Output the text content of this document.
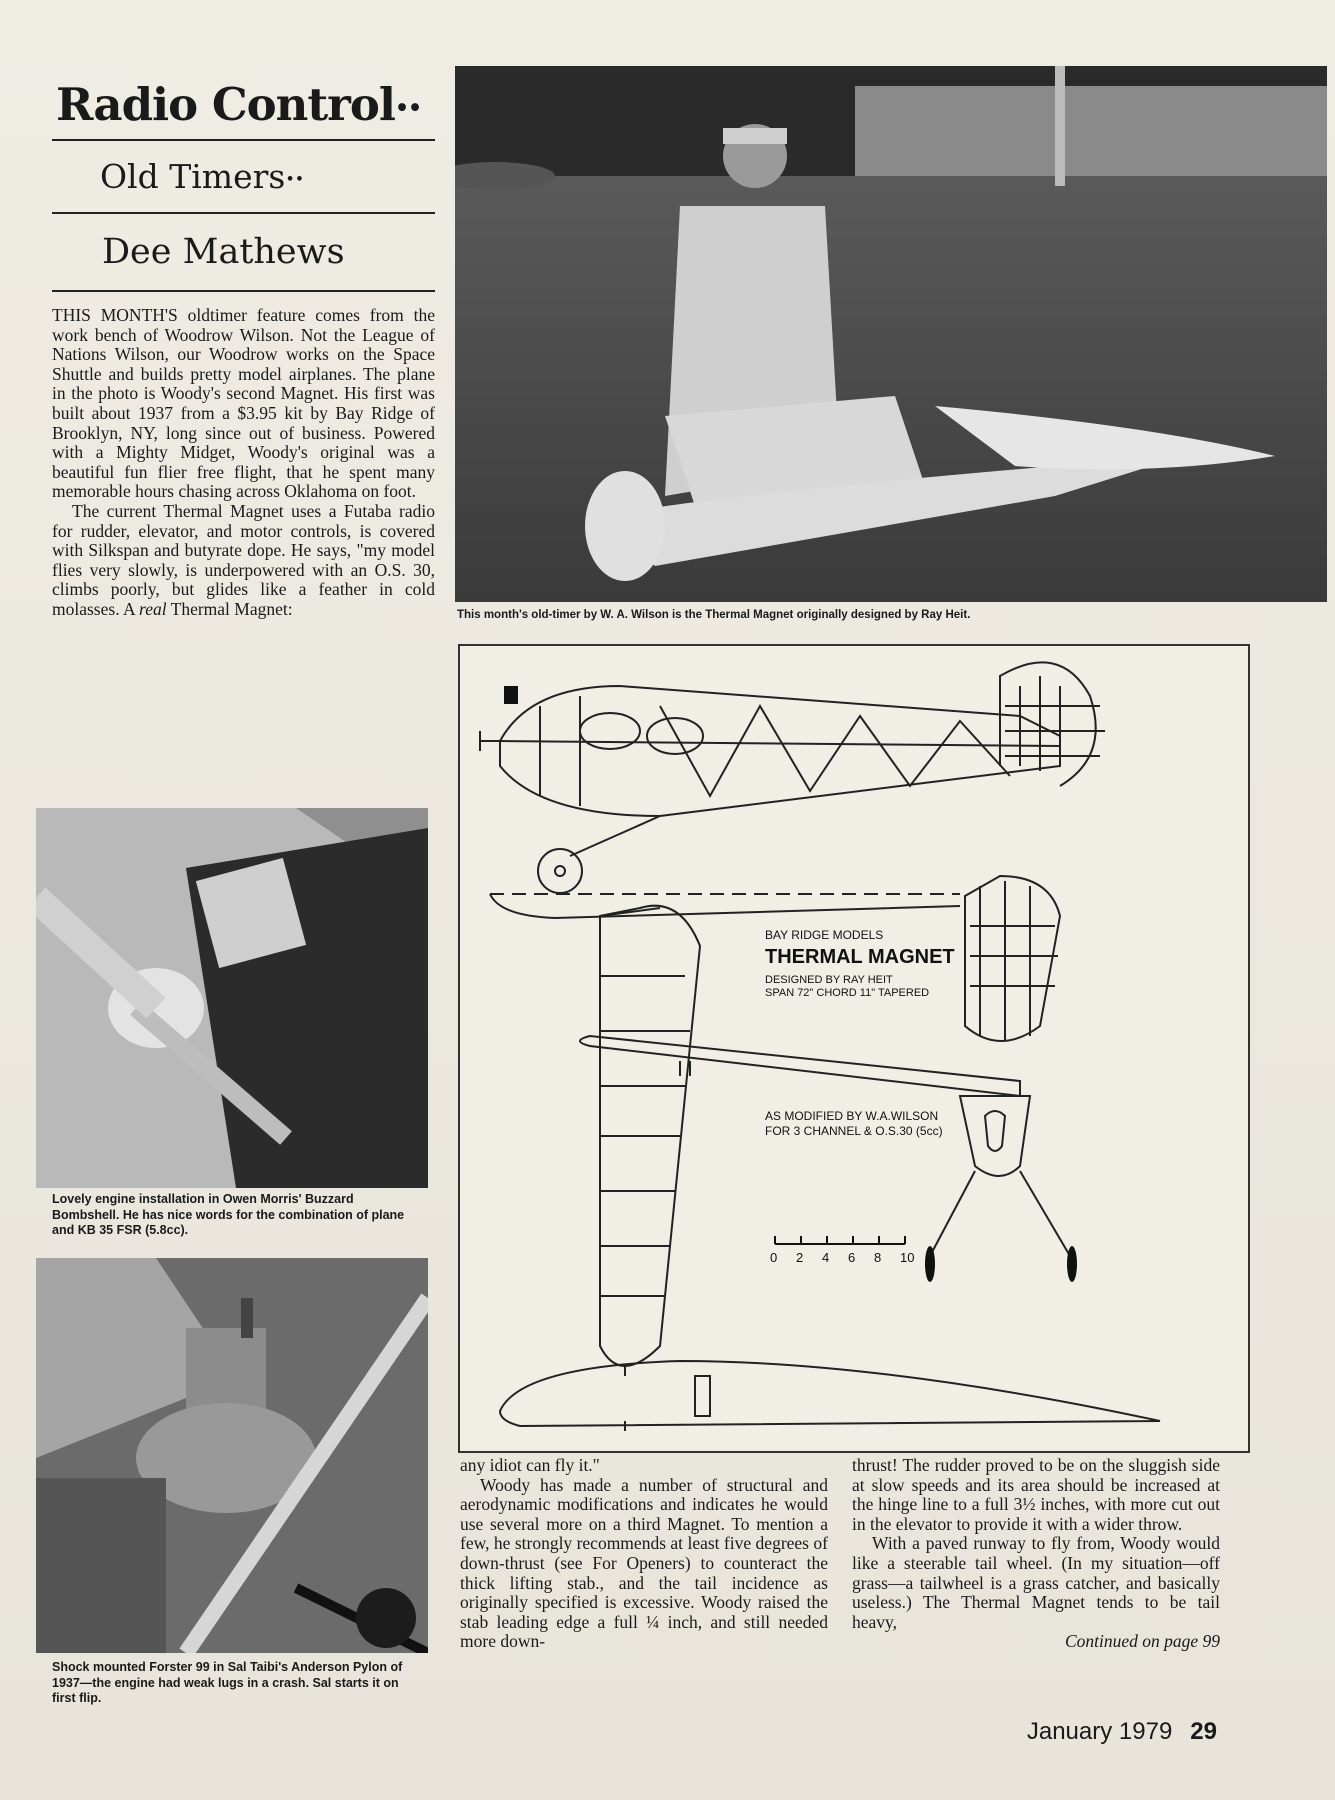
Radio Control••
Old Timers••
Dee Mathews

THIS MONTH'S oldtimer feature comes from the work bench of Woodrow Wilson. Not the League of Nations Wilson, our Woodrow works on the Space Shuttle and builds pretty model airplanes. The plane in the photo is Woody's second Magnet. His first was built about 1937 from a $3.95 kit by Bay Ridge of Brooklyn, NY, long since out of business. Powered with a Mighty Midget, Woody's original was a beautiful fun flier free flight, that he spent many memorable hours chasing across Oklahoma on foot.

The current Thermal Magnet uses a Futaba radio for rudder, elevator, and motor controls, is covered with Silkspan and butyrate dope. He says, "my model flies very slowly, is underpowered with an O.S. 30, climbs poorly, but glides like a feather in cold molasses. A real Thermal Magnet:	This month's old-timer by W. A. Wilson is the Thermal Magnet originally designed by Ray Heit.
Lovely engine installation in Owen Morris' Buzzard Bombshell. He has nice words for the combination of plane and KB 35 FSR (5.8cc).
Shock mounted Forster 99 in Sal Taibi's Anderson Pylon of 1937—the engine had weak lugs in a crash. Sal starts it on first flip.
BAY RIDGE MODELS
THERMAL MAGNET
DESIGNED BY RAY HEIT
SPAN 72" CHORD 11" TAPERED
AS MODIFIED BY W.A.WILSON
FOR 3 CHANNEL & O.S.30 (5cc)
0 2 4 6 8 10

any idiot can fly it."

Woody has made a number of structural and aerodynamic modifications and indicates he would use several more on a third Magnet. To mention a few, he strongly recommends at least five degrees of down-thrust (see For Openers) to counteract the thick lifting stab., and the tail incidence as originally specified is excessive. Woody raised the stab leading edge a full ¼ inch, and still needed more down-

thrust! The rudder proved to be on the sluggish side at slow speeds and its area should be increased at the hinge line to a full 3½ inches, with more cut out in the elevator to provide it with a wider throw.

With a paved runway to fly from, Woody would like a steerable tail wheel. (In my situation—off grass—a tailwheel is a grass catcher, and basically useless.) The Thermal Magnet tends to be tail heavy,

Continued on page 99
January 1979 29
